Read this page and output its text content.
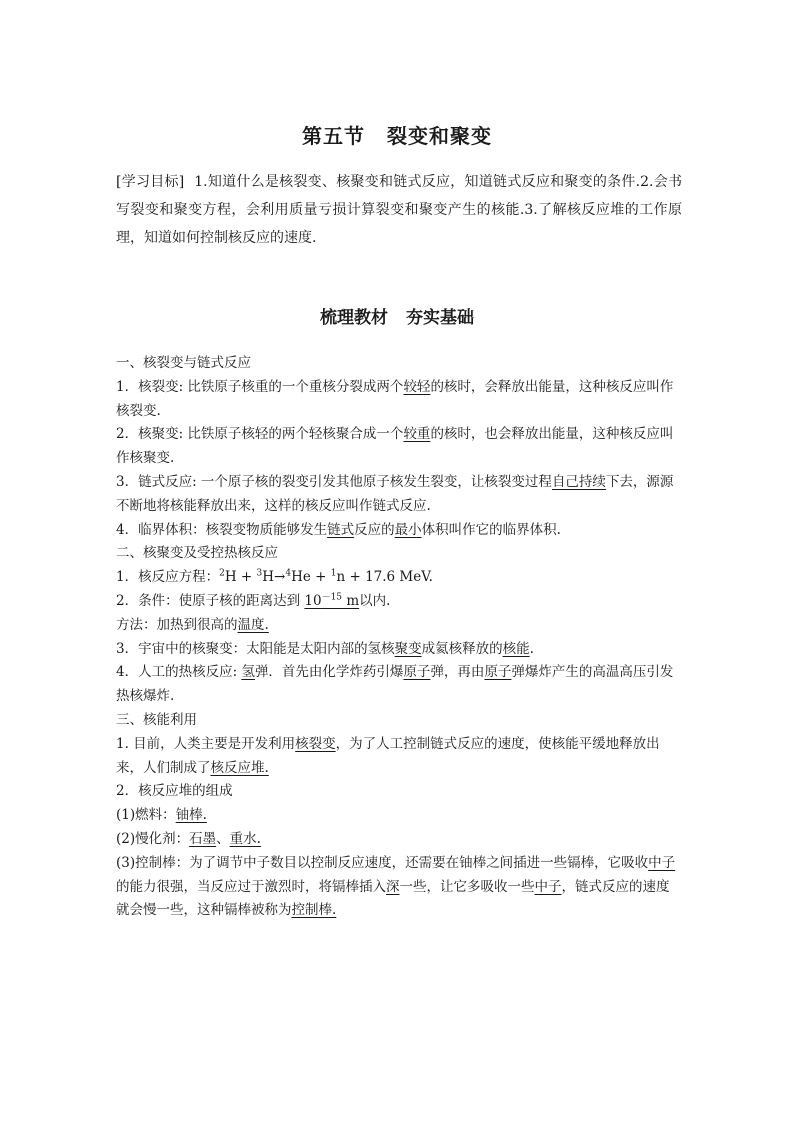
第五节 裂变和聚变
[学习目标] 1.知道什么是核裂变、核聚变和链式反应，知道链式反应和聚变的条件.2.会书写裂变和聚变方程，会利用质量亏损计算裂变和聚变产生的核能.3.了解核反应堆的工作原理，知道如何控制核反应的速度.
梳理教材 夯实基础

一、核裂变与链式反应

1．核裂变: 比铁原子核重的一个重核分裂成两个较轻的核时，会释放出能量，这种核反应叫作核裂变.

2．核聚变: 比铁原子核轻的两个轻核聚合成一个较重的核时，也会释放出能量，这种核反应叫作核聚变.

3．链式反应: 一个原子核的裂变引发其他原子核发生裂变，让核裂变过程自己持续下去，源源不断地将核能释放出来，这样的核反应叫作链式反应.

4．临界体积：核裂变物质能够发生链式反应的最小体积叫作它的临界体积.

二、核聚变及受控热核反应

1．核反应方程：$^2$H + $^3$H→$^4$He + $^1$n + 17.6 MeV.

2．条件：使原子核的距离达到 $10^{-15}$ m以内.

方法：加热到很高的温度.

3．宇宙中的核聚变：太阳能是太阳内部的氢核聚变成氦核释放的核能.

4．人工的热核反应: 氢弹．首先由化学炸药引爆原子弹，再由原子弹爆炸产生的高温高压引发热核爆炸.

三、核能利用

1. 目前，人类主要是开发利用核裂变，为了人工控制链式反应的速度，使核能平缓地释放出来，人们制成了核反应堆.

2．核反应堆的组成

(1)燃料：铀棒.

(2)慢化剂：石墨、重水.

(3)控制棒：为了调节中子数目以控制反应速度，还需要在铀棒之间插进一些镉棒，它吸收中子的能力很强，当反应过于激烈时，将镉棒插入深一些，让它多吸收一些中子，链式反应的速度就会慢一些，这种镉棒被称为控制棒.
